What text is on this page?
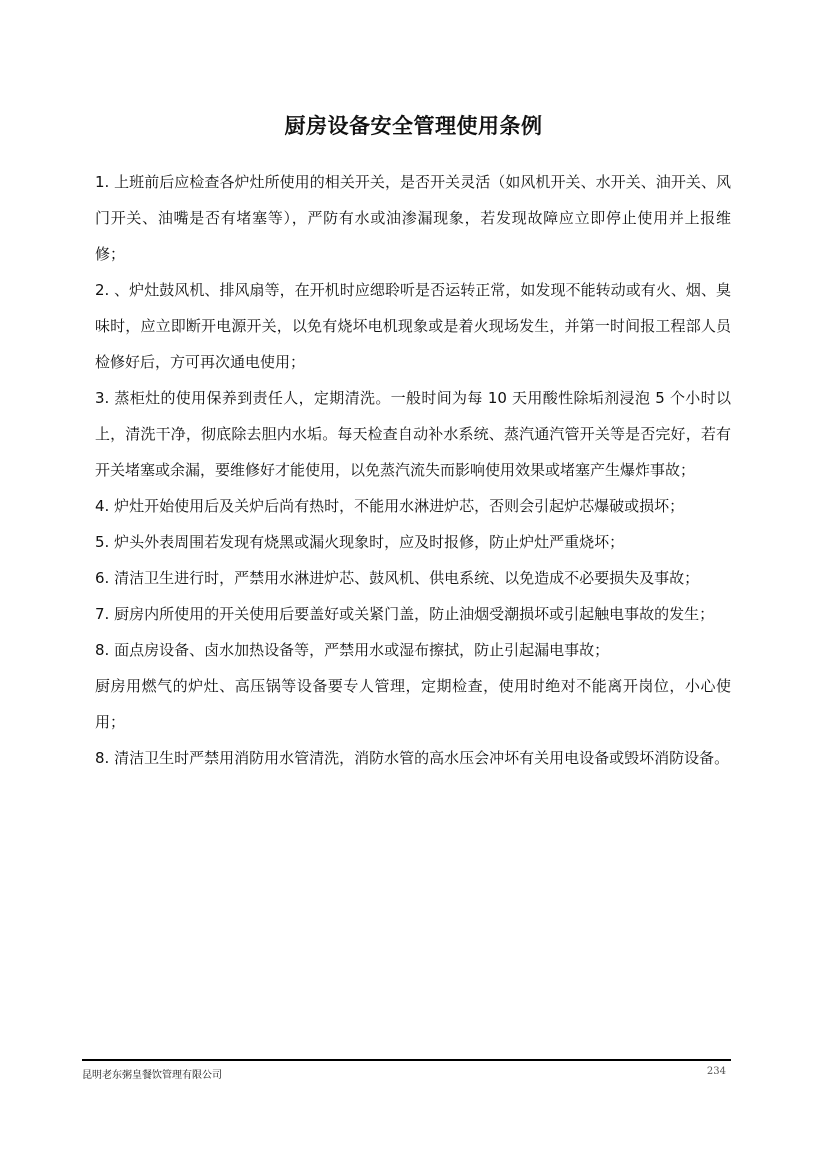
厨房设备安全管理使用条例

1. 上班前后应检查各炉灶所使用的相关开关，是否开关灵活（如风机开关、水开关、油开关、风门开关、油嘴是否有堵塞等），严防有水或油渗漏现象，若发现故障应立即停止使用并上报维修；

2. 、炉灶鼓风机、排风扇等，在开机时应缌聆听是否运转正常，如发现不能转动或有火、烟、臭味时，应立即断开电源开关，以免有烧坏电机现象或是着火现场发生，并第一时间报工程部人员检修好后，方可再次通电使用；

3. 蒸柜灶的使用保养到责任人，定期清洗。一般时间为每 10 天用酸性除垢剂浸泡 5 个小时以上，清洗干净，彻底除去胆内水垢。每天检查自动补水系统、蒸汽通汽管开关等是否完好，若有开关堵塞或余漏，要维修好才能使用，以免蒸汽流失而影响使用效果或堵塞产生爆炸事故；

4. 炉灶开始使用后及关炉后尚有热时，不能用水淋进炉芯，否则会引起炉芯爆破或损坏；

5. 炉头外表周围若发现有烧黑或漏火现象时，应及时报修，防止炉灶严重烧坏；

6. 清洁卫生进行时，严禁用水淋进炉芯、鼓风机、供电系统、以免造成不必要损失及事故；

7. 厨房内所使用的开关使用后要盖好或关紧门盖，防止油烟受潮损坏或引起触电事故的发生；

8. 面点房设备、卤水加热设备等，严禁用水或湿布擦拭，防止引起漏电事故；

厨房用燃气的炉灶、高压锅等设备要专人管理，定期检查，使用时绝对不能离开岗位，小心使用；

8. 清洁卫生时严禁用消防用水管清洗，消防水管的高水压会冲坏有关用电设备或毁坏消防设备。

昆明老东粥皇餐饮管理有限公司	234
